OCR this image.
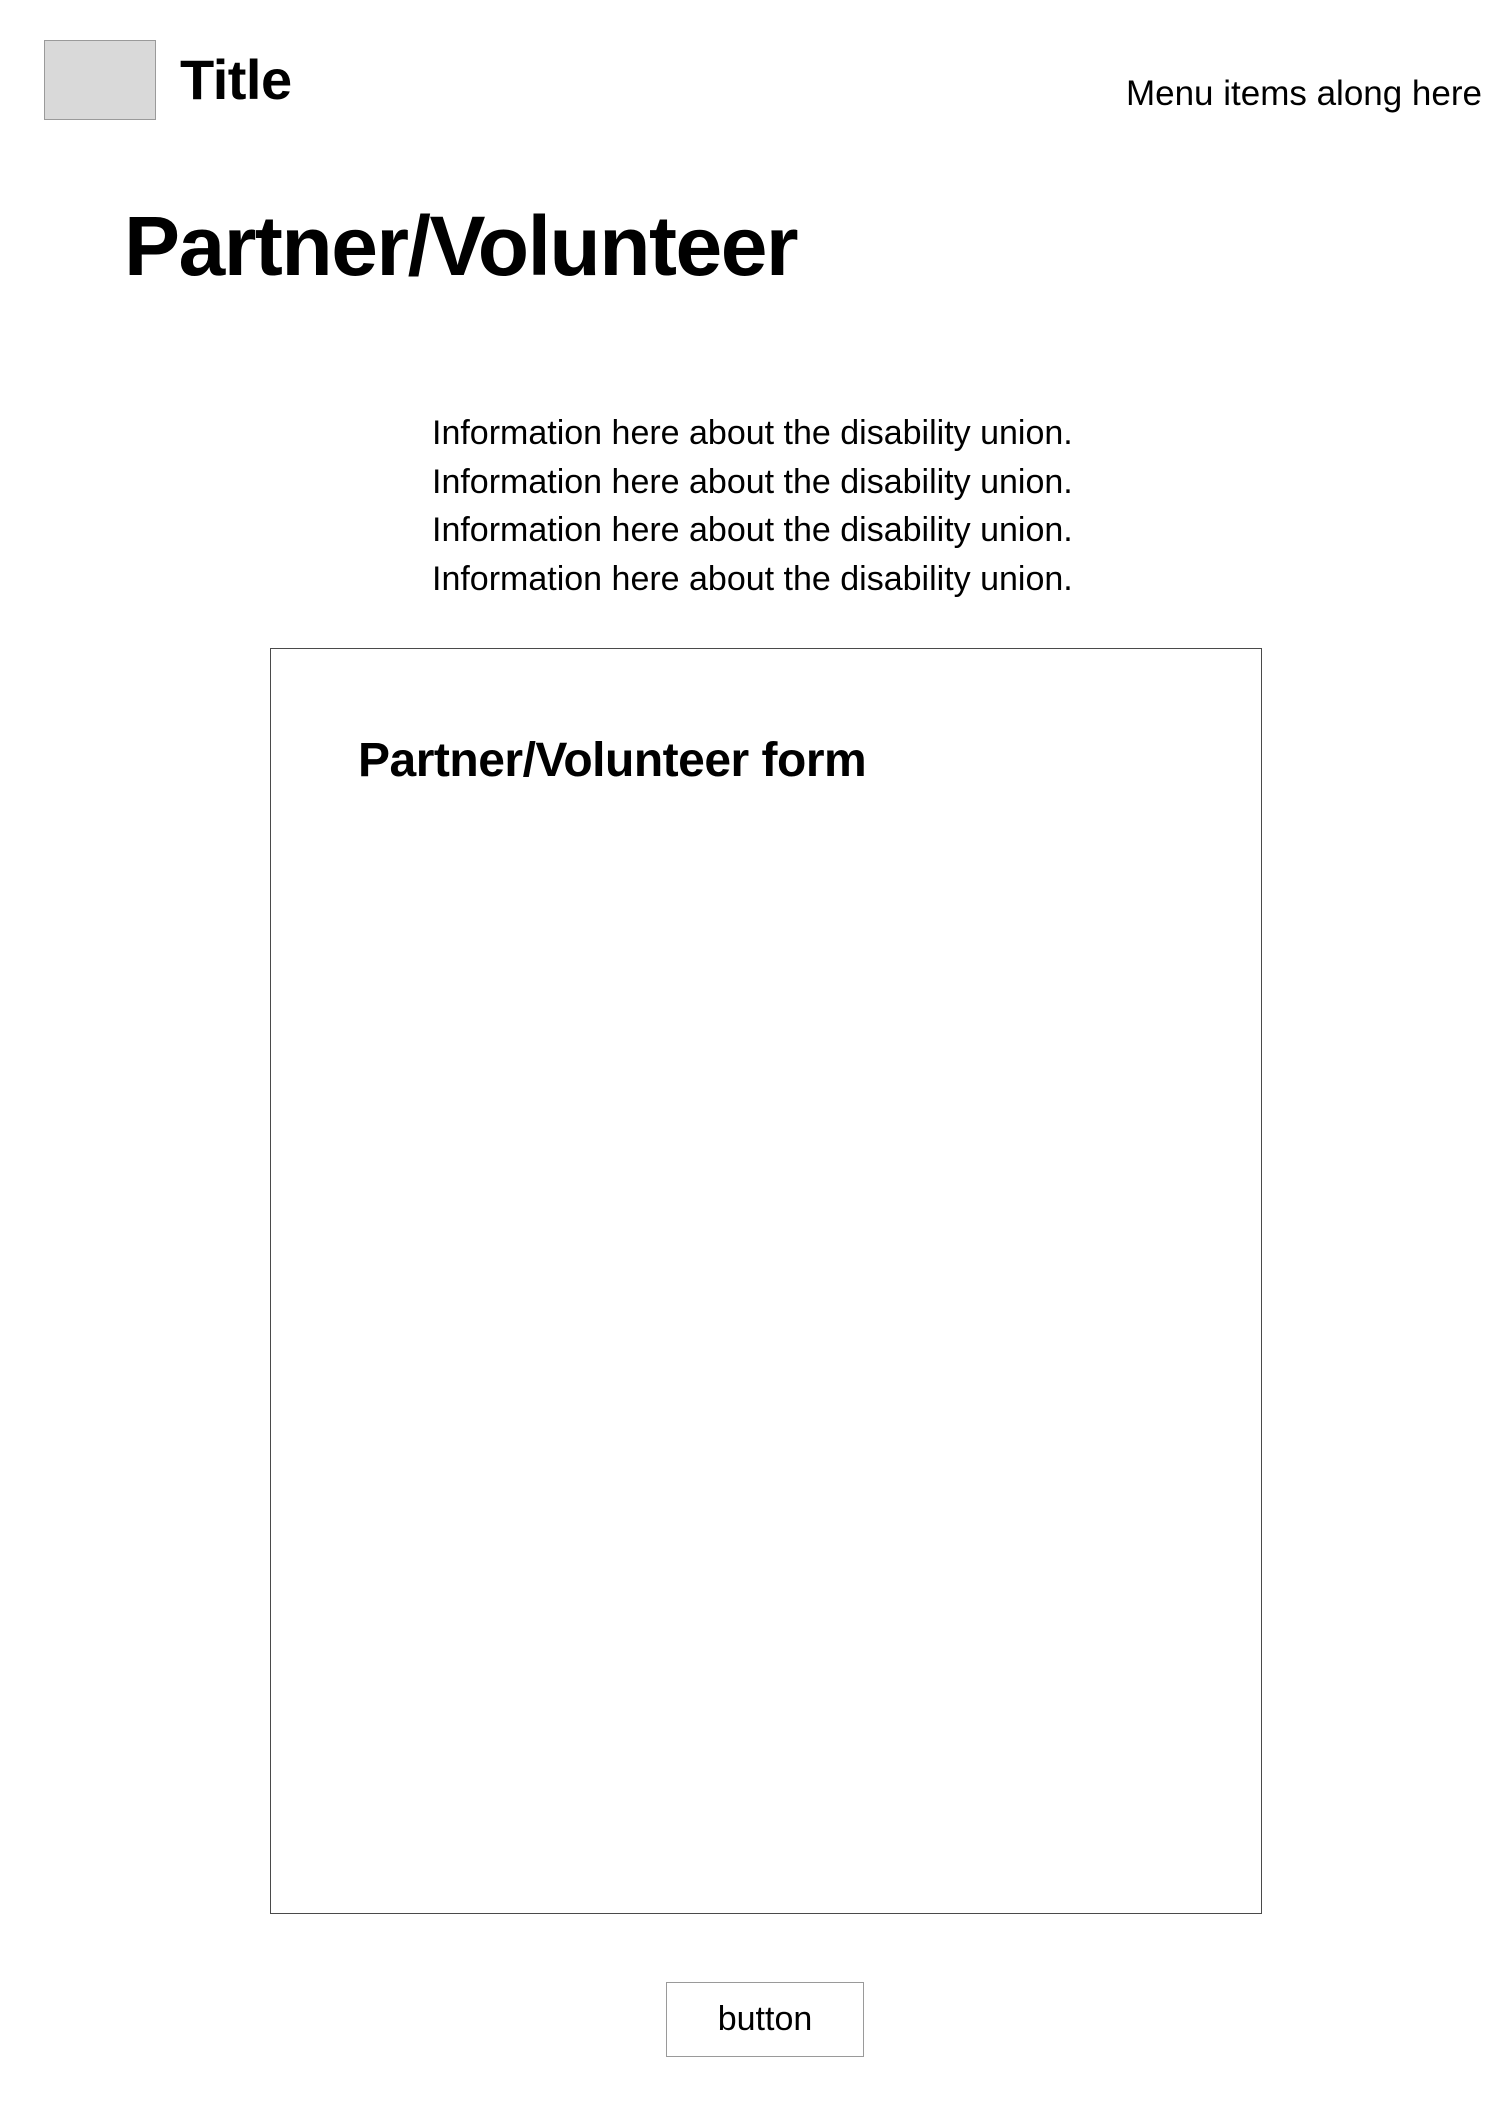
Title	Menu items along here
Partner/Volunteer
Information here about the disability union.
Information here about the disability union.
Information here about the disability union.
Information here about the disability union.
Partner/Volunteer form
button
